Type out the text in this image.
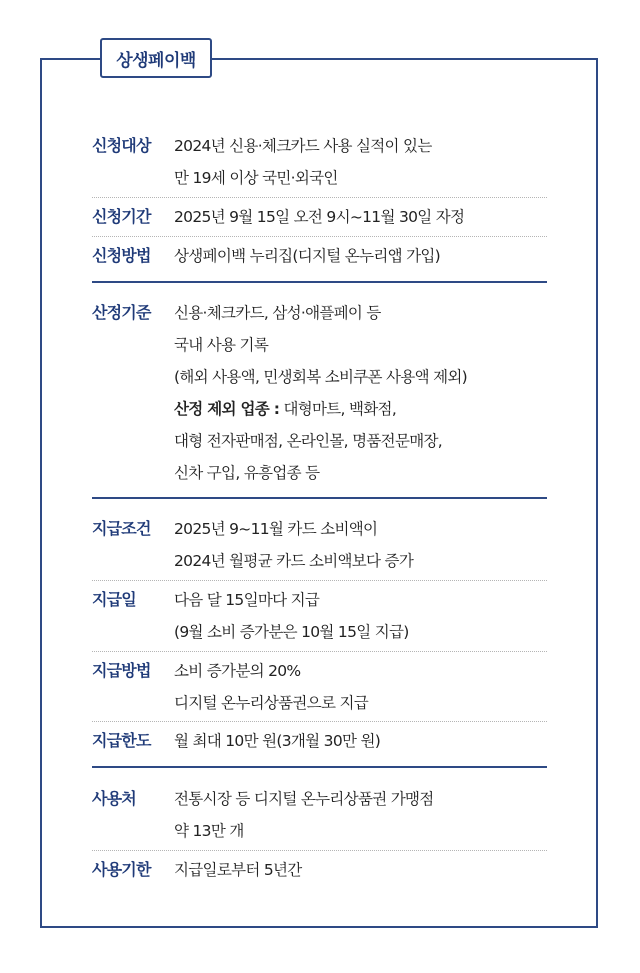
상생페이백
신청대상 2024년 신용·체크카드 사용 실적이 있는
만 19세 이상 국민·외국인
신청기간 2025년 9월 15일 오전 9시~11월 30일 자정
신청방법 상생페이백 누리집(디지털 온누리앱 가입)
산정기준 신용·체크카드, 삼성·애플페이 등
국내 사용 기록
(해외 사용액, 민생회복 소비쿠폰 사용액 제외)
산정 제외 업종 : 대형마트, 백화점,
대형 전자판매점, 온라인몰, 명품전문매장,
신차 구입, 유흥업종 등
지급조건 2025년 9~11월 카드 소비액이
2024년 월평균 카드 소비액보다 증가
지급일 다음 달 15일마다 지급
(9월 소비 증가분은 10월 15일 지급)
지급방법 소비 증가분의 20%
디지털 온누리상품권으로 지급
지급한도 월 최대 10만 원(3개월 30만 원)
사용처 전통시장 등 디지털 온누리상품권 가맹점
약 13만 개
사용기한 지급일로부터 5년간
